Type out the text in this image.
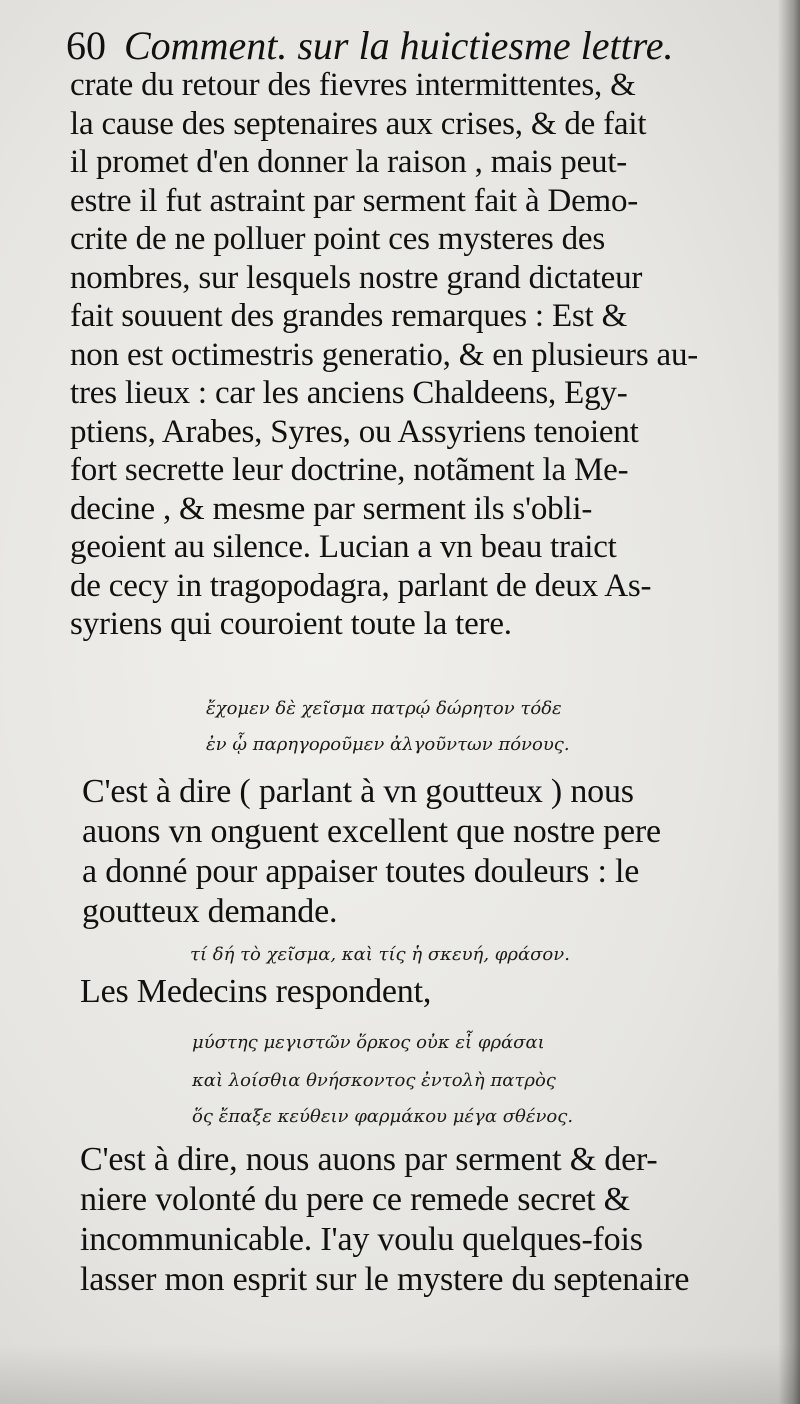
60 Comment. sur la huictiesme lettre.
crate du retour des fievres intermittentes, &
la cause des septenaires aux crises, & de fait
il promet d'en donner la raison , mais peut-
estre il fut astraint par serment fait à Demo-
crite de ne polluer point ces mysteres des
nombres, sur lesquels nostre grand dictateur
fait souuent des grandes remarques : Est &
non est octimestris generatio, & en plusieurs au-
tres lieux : car les anciens Chaldeens, Egy-
ptiens, Arabes, Syres, ou Assyriens tenoient
fort secrette leur doctrine, notãment la Me-
decine , & mesme par serment ils s'obli-
geoient au silence. Lucian a vn beau traict
de cecy in tragopodagra, parlant de deux As-
syriens qui couroient toute la tere.
ἔχομεν δὲ χεῖσμα πατρῴ δώρητον τόδε
ἐν ᾧ παρηγοροῦμεν ἀλγοῦντων πόνους.
C'est à dire ( parlant à vn goutteux ) nous
auons vn onguent excellent que nostre pere
a donné pour appaiser toutes douleurs : le
goutteux demande.
τί δή τὸ χεῖσμα, καὶ τίς ἡ σκευή, φράσον.
Les Medecins respondent,
μύστης μεγιστῶν ὅρκος οὐκ εἶ φράσαι
καὶ λοίσθια θνήσκοντος ἐντολὴ πατρὸς
ὅς ἔπαξε κεύθειν φαρμάκου μέγα σθένος.
C'est à dire, nous auons par serment & der-
niere volonté du pere ce remede secret &
incommunicable. I'ay voulu quelques-fois
lasser mon esprit sur le mystere du septenaire
